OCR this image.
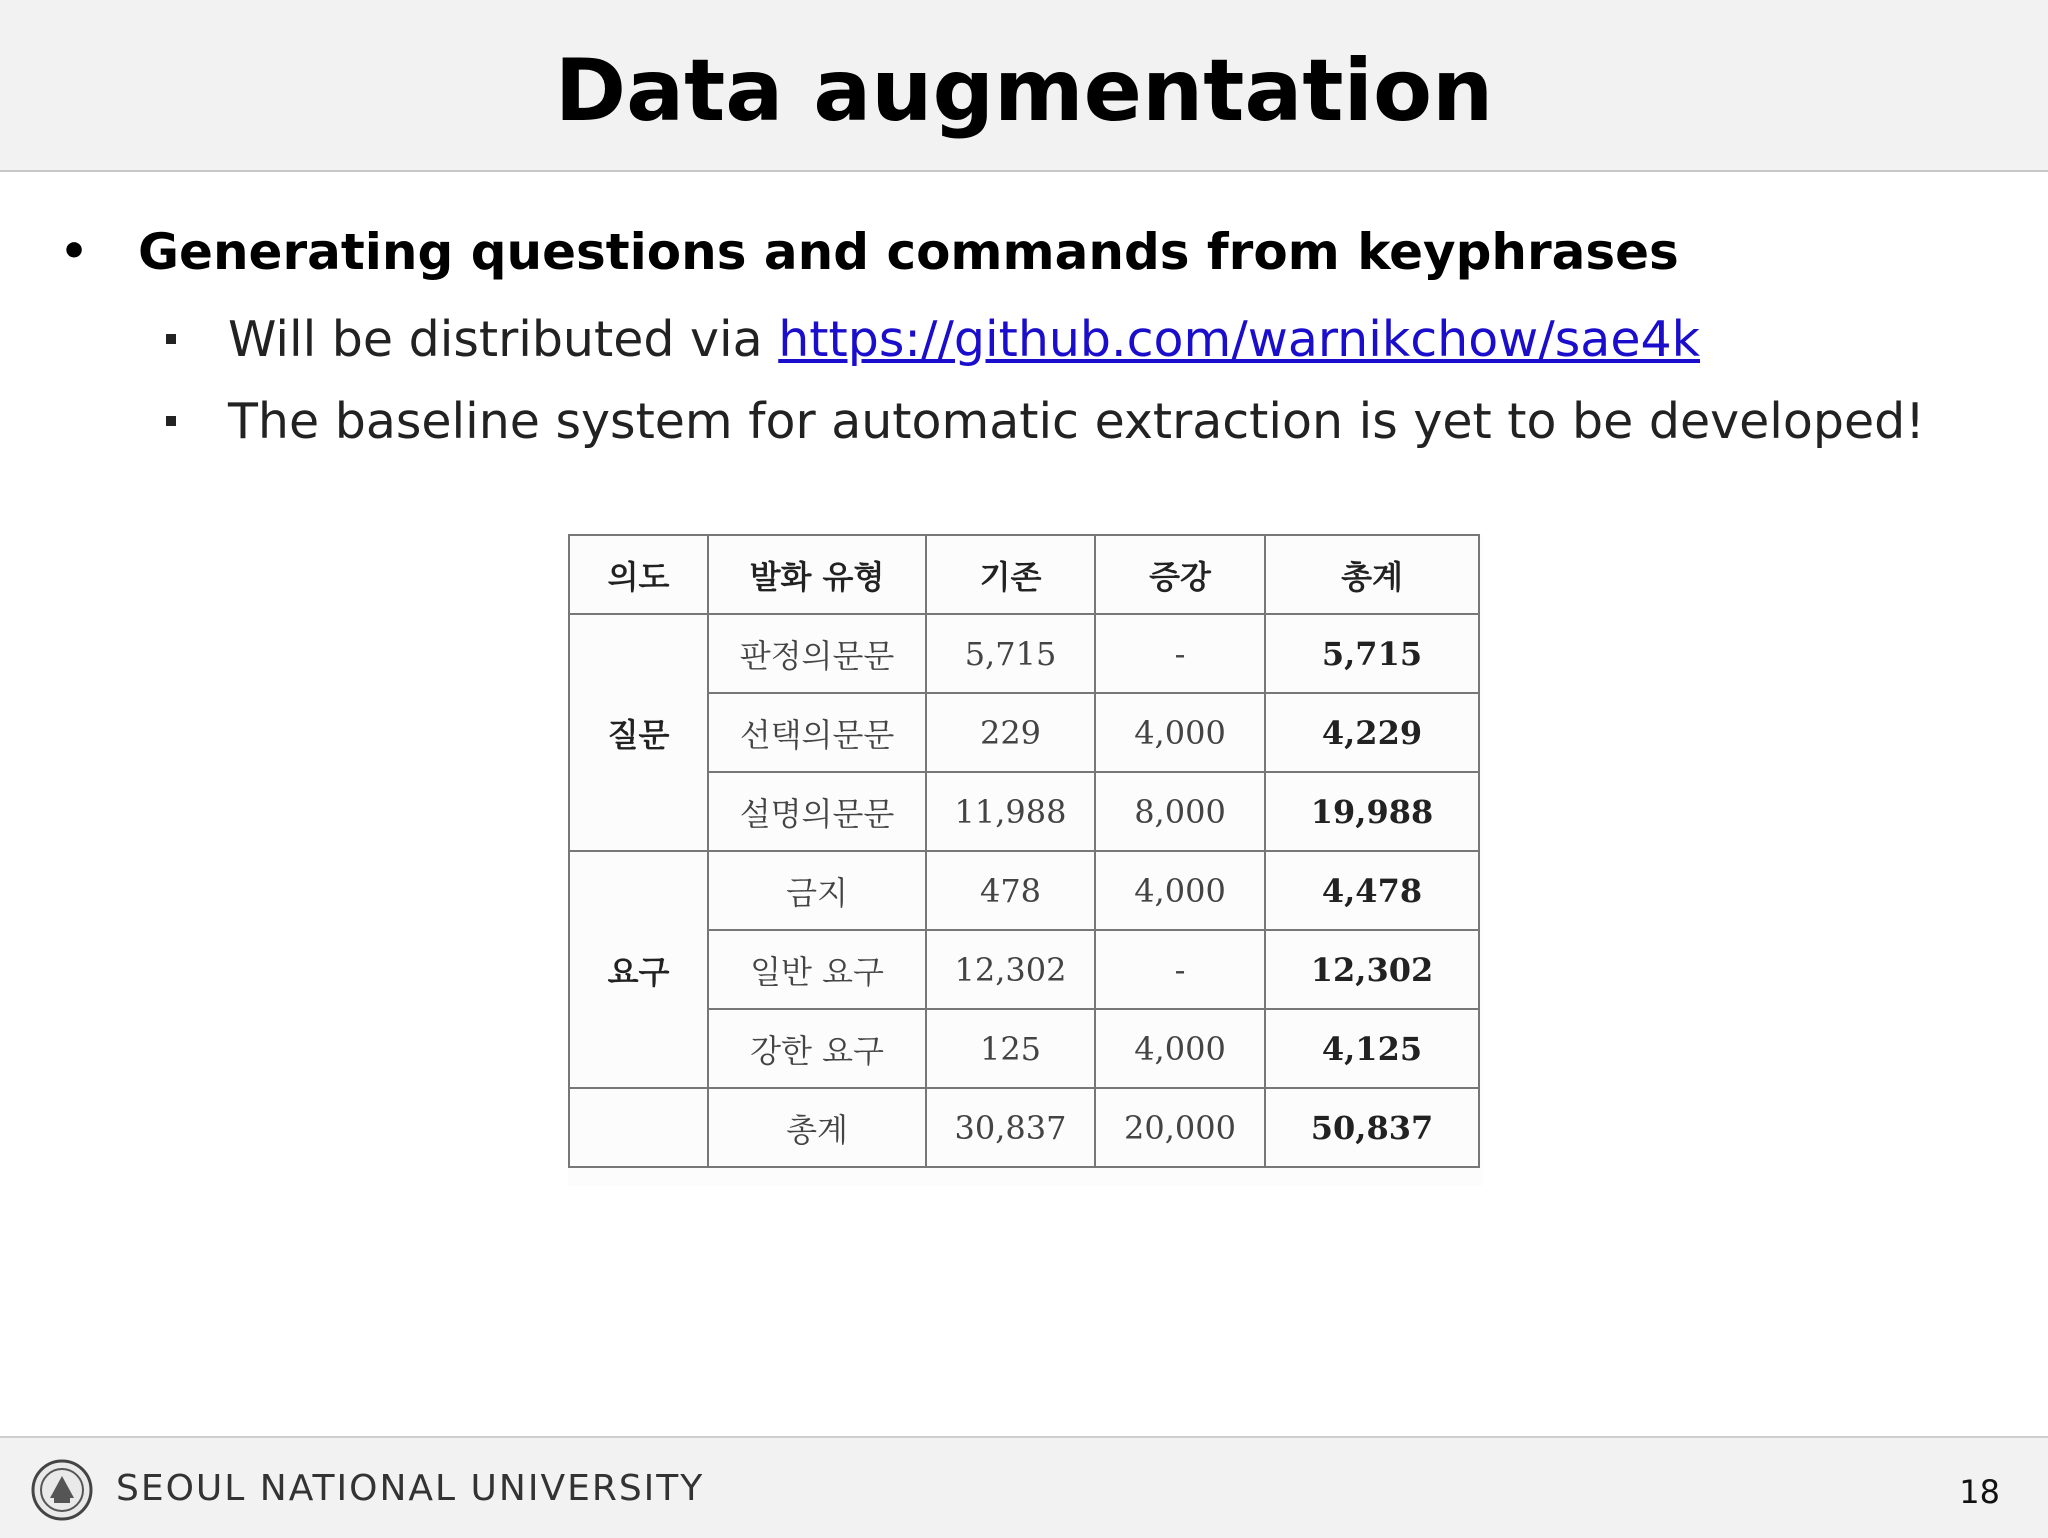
Data augmentation
• Generating questions and commands from keyphrases
Will be distributed via https://github.com/warnikchow/sae4k
The baseline system for automatic extraction is yet to be developed!
의도	발화 유형	기존	증강	총계
질문	판정의문문	5,715	-	5,715
	선택의문문	229	4,000	4,229
	설명의문문	11,988	8,000	19,988
요구	금지	478	4,000	4,478
	일반 요구	12,302	-	12,302
	강한 요구	125	4,000	4,125
	총계	30,837	20,000	50,837
SEOUL NATIONAL UNIVERSITY	18
